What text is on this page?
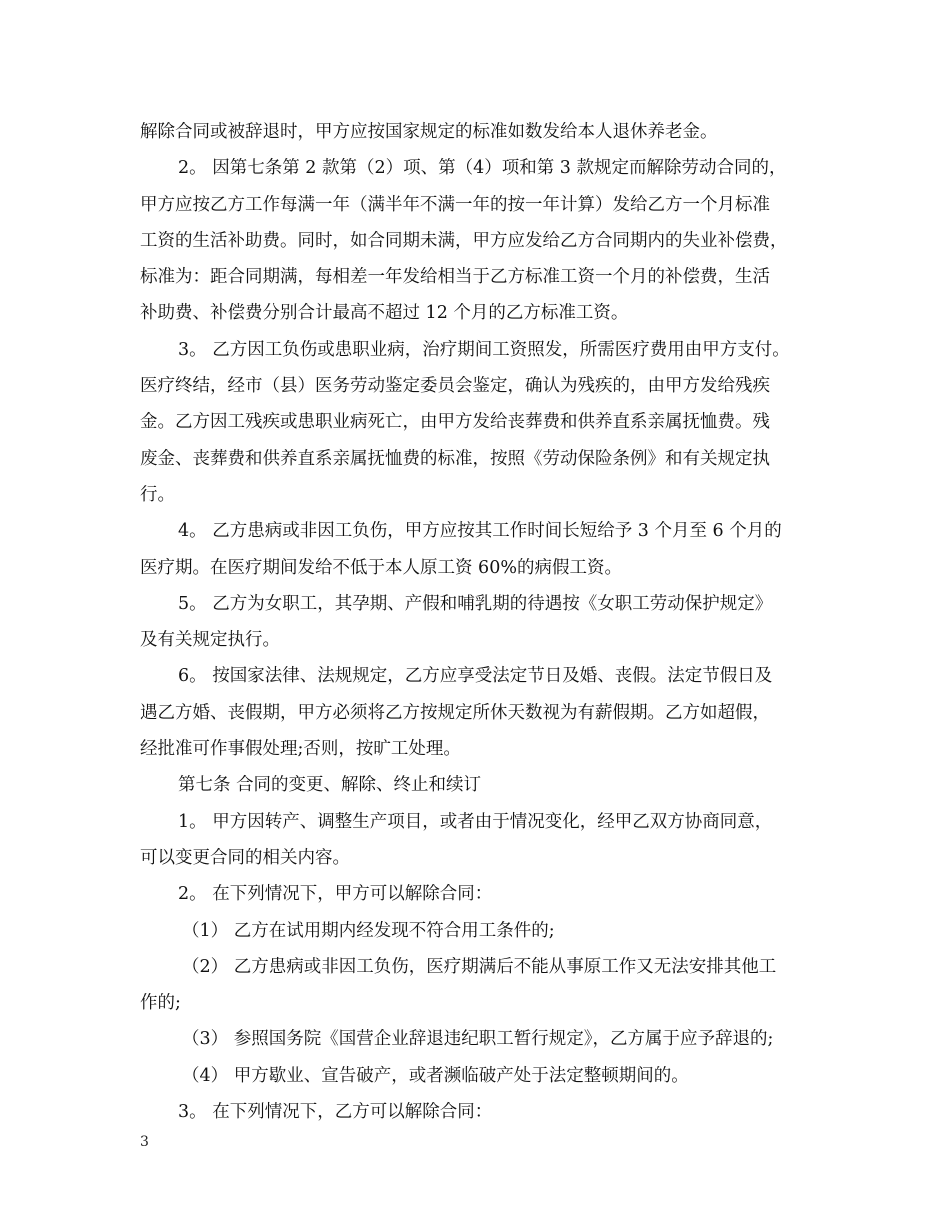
解除合同或被辞退时，甲方应按国家规定的标准如数发给本人退休养老金。
2。 因第七条第 2 款第（2）项、第（4）项和第 3 款规定而解除劳动合同的，
甲方应按乙方工作每满一年（满半年不满一年的按一年计算）发给乙方一个月标准
工资的生活补助费。同时，如合同期未满，甲方应发给乙方合同期内的失业补偿费，
标准为：距合同期满，每相差一年发给相当于乙方标准工资一个月的补偿费，生活
补助费、补偿费分别合计最高不超过 12 个月的乙方标准工资。
3。 乙方因工负伤或患职业病，治疗期间工资照发，所需医疗费用由甲方支付。
医疗终结，经市（县）医务劳动鉴定委员会鉴定，确认为残疾的，由甲方发给残疾
金。乙方因工残疾或患职业病死亡，由甲方发给丧葬费和供养直系亲属抚恤费。残
废金、丧葬费和供养直系亲属抚恤费的标准，按照《劳动保险条例》和有关规定执
行。
4。 乙方患病或非因工负伤，甲方应按其工作时间长短给予 3 个月至 6 个月的
医疗期。在医疗期间发给不低于本人原工资 60%的病假工资。
5。 乙方为女职工，其孕期、产假和哺乳期的待遇按《女职工劳动保护规定》
及有关规定执行。
6。 按国家法律、法规规定，乙方应享受法定节日及婚、丧假。法定节假日及
遇乙方婚、丧假期，甲方必须将乙方按规定所休天数视为有薪假期。乙方如超假，
经批准可作事假处理;否则，按旷工处理。
第七条 合同的变更、解除、终止和续订
1。 甲方因转产、调整生产项目，或者由于情况变化，经甲乙双方协商同意，
可以变更合同的相关内容。
2。 在下列情况下，甲方可以解除合同：
（1） 乙方在试用期内经发现不符合用工条件的;
（2） 乙方患病或非因工负伤，医疗期满后不能从事原工作又无法安排其他工
作的;
（3） 参照国务院《国营企业辞退违纪职工暂行规定》，乙方属于应予辞退的;
（4） 甲方歇业、宣告破产，或者濒临破产处于法定整顿期间的。
3。 在下列情况下，乙方可以解除合同：
3
